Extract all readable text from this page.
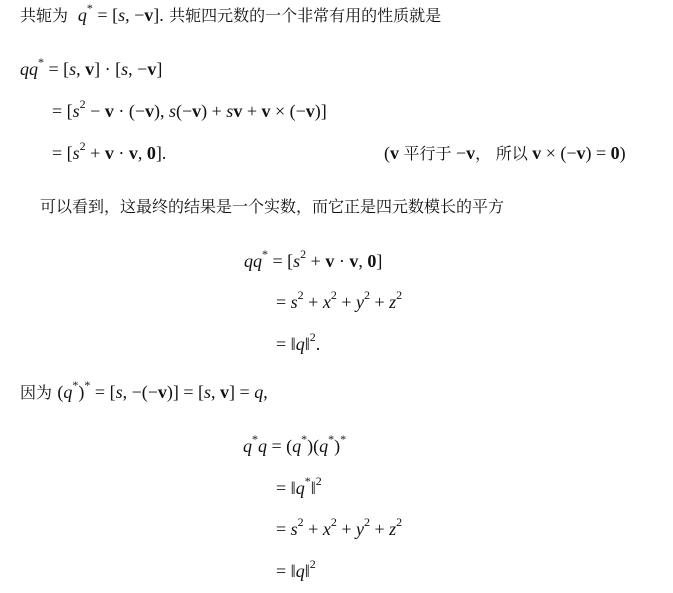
共轭为 q* = [s, −v]. 共轭四元数的一个非常有用的性质就是
qq* = [s, v] · [s, −v]
= [$s^2 - v \cdot (-v)$, s(−v) + sv + v × (−v)]
= [$s^2 + v \cdot v$, 0].	(v 平行于 −v， 所以 v × (−v) = 0)
可以看到，这最终的结果是一个实数，而它正是四元数模长的平方
$qq^* = [s^2 + v \cdot v$, 0]
= $s^2 + x^2 + y^2 + z^2$
= ‖q‖$^2$.
因为 (q*)* = [s, −(−v)] = [s, v] = q,
q*q = (q*)(q*)*
= ‖q*‖$^2$
= $s^2 + x^2 + y^2 + z^2$
= ‖q‖$^2$
